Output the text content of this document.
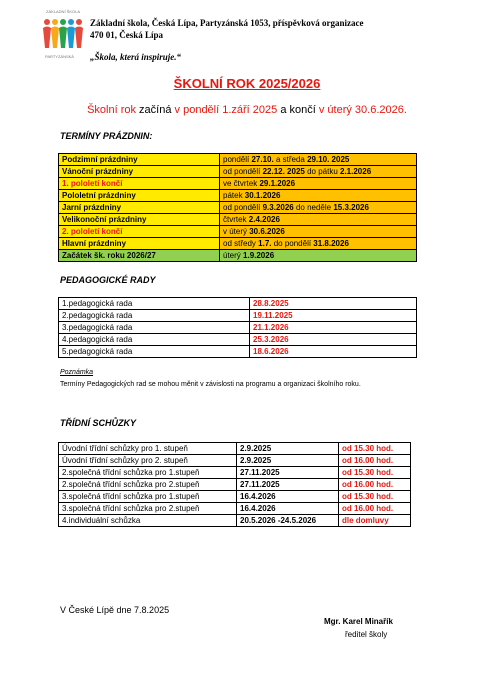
ZÁKLADNÍ ŠKOLA
PARTYZÁNSKÁ
Základní škola, Česká Lípa, Partyzánská 1053, příspěvková organizace
470 01, Česká Lípa
„Škola, která inspiruje.“
ŠKOLNÍ ROK 2025/2026
Školní rok začíná v pondělí 1.září 2025 a končí v úterý 30.6.2026.
TERMÍNY PRÁZDNIN:
Podzimní prázdniny	pondělí 27.10. a středa 29.10. 2025
Vánoční prázdniny	od pondělí 22.12. 2025 do pátku 2.1.2026
1. pololetí končí	ve čtvrtek 29.1.2026
Pololetní prázdniny	pátek 30.1.2026
Jarní prázdniny	od pondělí 9.3.2026 do neděle 15.3.2026
Velikonoční prázdniny	čtvrtek 2.4.2026
2. pololetí končí	v úterý 30.6.2026
Hlavní prázdniny	od středy 1.7. do pondělí 31.8.2026
Začátek šk. roku 2026/27	úterý 1.9.2026
PEDAGOGICKÉ RADY
1.pedagogická rada	28.8.2025
2.pedagogická rada	19.11.2025
3.pedagogická rada	21.1.2026
4.pedagogická rada	25.3.2026
5.pedagogická rada	18.6.2026
Poznámka
Termíny Pedagogických rad se mohou měnit v závislosti na programu a organizaci školního roku.
TŘÍDNÍ SCHŮZKY
Úvodní třídní schůzky pro 1. stupeň	2.9.2025	od 15.30 hod.
Úvodní třídní schůzky pro 2. stupeň	2.9.2025	od 16.00 hod.
2.společná třídní schůzka pro 1.stupeň	27.11.2025	od 15.30 hod.
2.společná třídní schůzka pro 2.stupeň	27.11.2025	od 16.00 hod.
3.společná třídní schůzka pro 1.stupeň	16.4.2026	od 15.30 hod.
3.společná třídní schůzka pro 2.stupeň	16.4.2026	od 16.00 hod.
4.individuální schůzka	20.5.2026 -24.5.2026	dle domluvy
V České Lípě dne 7.8.2025
Mgr. Karel Minařík
ředitel školy
